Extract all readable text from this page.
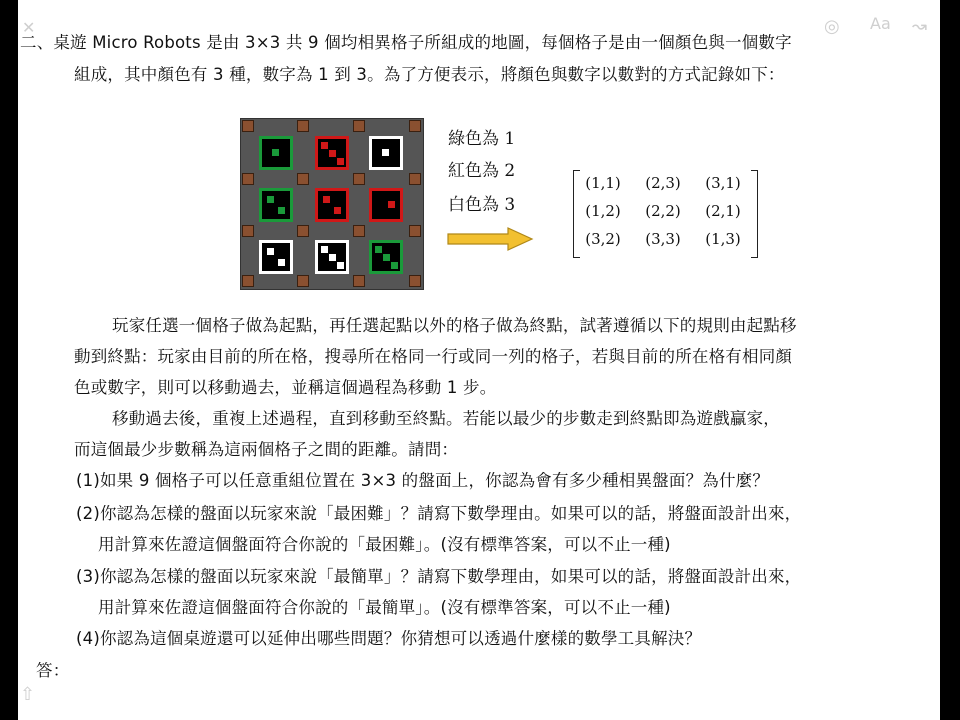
✕	◎ Aa ↝
⇧
二、桌遊 Micro Robots 是由 3×3 共 9 個均相異格子所組成的地圖，每個格子是由一個顏色與一個數字
組成，其中顏色有 3 種，數字為 1 到 3。為了方便表示，將顏色與數字以數對的方式記錄如下：
綠色為 1
紅色為 2
白色為 3
(1,1)	(2,3)	(3,1)
(1,2)	(2,2)	(2,1)
(3,2)	(3,3)	(1,3)
玩家任選一個格子做為起點，再任選起點以外的格子做為終點，試著遵循以下的規則由起點移
動到終點：玩家由目前的所在格，搜尋所在格同一行或同一列的格子，若與目前的所在格有相同顏
色或數字，則可以移動過去，並稱這個過程為移動 1 步。
移動過去後，重複上述過程，直到移動至終點。若能以最少的步數走到終點即為遊戲贏家，
而這個最少步數稱為這兩個格子之間的距離。請問：
(1)如果 9 個格子可以任意重組位置在 3×3 的盤面上，你認為會有多少種相異盤面？為什麼？
(2)你認為怎樣的盤面以玩家來說「最困難」？請寫下數學理由。如果可以的話，將盤面設計出來，
用計算來佐證這個盤面符合你說的「最困難」。(沒有標準答案，可以不止一種)
(3)你認為怎樣的盤面以玩家來說「最簡單」？請寫下數學理由，如果可以的話，將盤面設計出來，
用計算來佐證這個盤面符合你說的「最簡單」。(沒有標準答案，可以不止一種)
(4)你認為這個桌遊還可以延伸出哪些問題？你猜想可以透過什麼樣的數學工具解決？
答：
